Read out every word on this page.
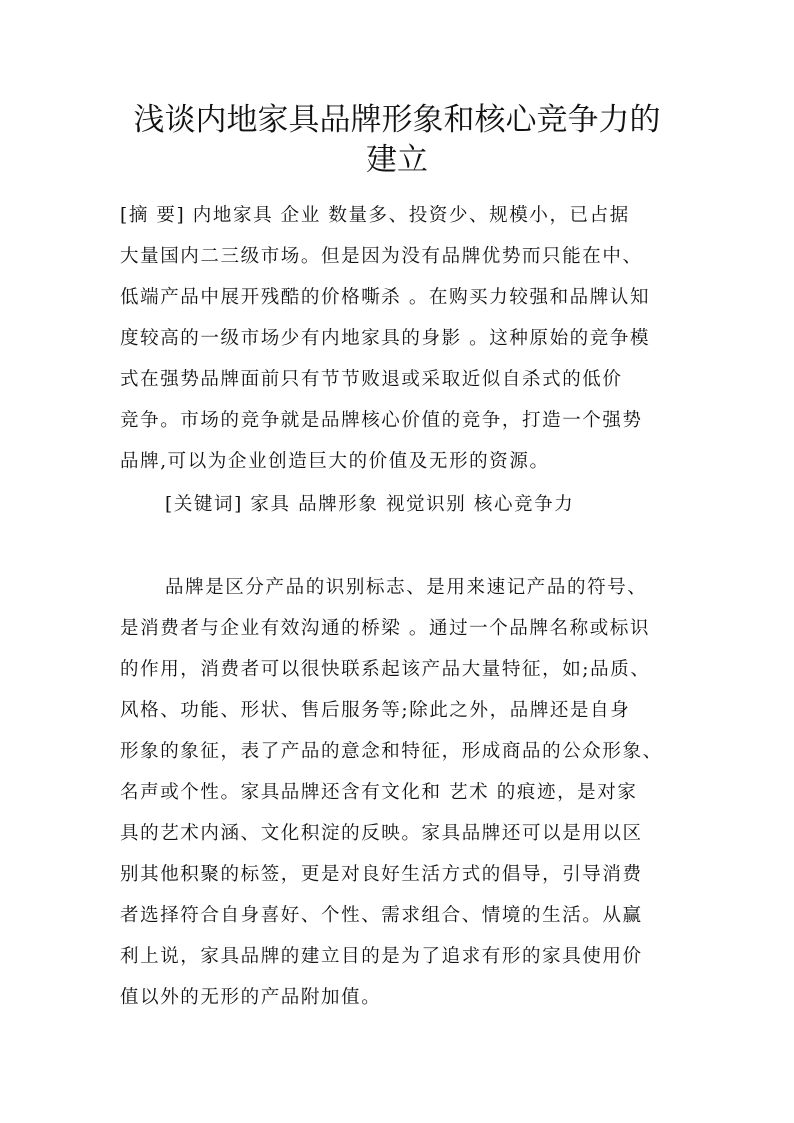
浅谈内地家具品牌形象和核心竞争力的
建立
[摘 要] 内地家具 企业 数量多、投资少、规模小，已占据
大量国内二三级市场。但是因为没有品牌优势而只能在中、
低端产品中展开残酷的价格嘶杀 。在购买力较强和品牌认知
度较高的一级市场少有内地家具的身影 。这种原始的竞争模
式在强势品牌面前只有节节败退或采取近似自杀式的低价
竞争。市场的竞争就是品牌核心价值的竞争，打造一个强势
品牌,可以为企业创造巨大的价值及无形的资源。
[关键词] 家具 品牌形象 视觉识别 核心竞争力
品牌是区分产品的识别标志、是用来速记产品的符号、
是消费者与企业有效沟通的桥梁 。通过一个品牌名称或标识
的作用，消费者可以很快联系起该产品大量特征，如;品质、
风格、功能、形状、售后服务等;除此之外，品牌还是自身
形象的象征，表了产品的意念和特征，形成商品的公众形象、
名声或个性。家具品牌还含有文化和 艺术 的痕迹，是对家
具的艺术内涵、文化积淀的反映。家具品牌还可以是用以区
别其他积聚的标签，更是对良好生活方式的倡导，引导消费
者选择符合自身喜好、个性、需求组合、情境的生活。从赢
利上说，家具品牌的建立目的是为了追求有形的家具使用价
值以外的无形的产品附加值。
